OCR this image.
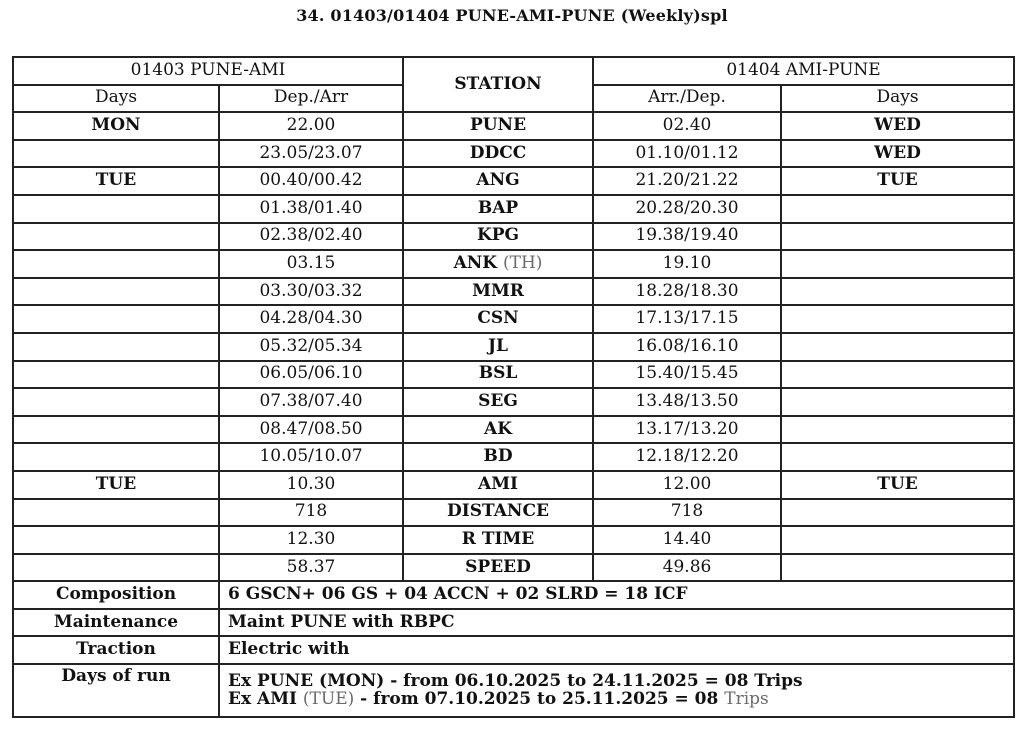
34. 01403/01404 PUNE-AMI-PUNE (Weekly)spl
01403 PUNE-AMI		STATION	01404 AMI-PUNE	
Days	Dep./Arr		Arr./Dep.	Days
MON	22.00	PUNE	02.40	WED
	23.05/23.07	DDCC	01.10/01.12	WED
TUE	00.40/00.42	ANG	21.20/21.22	TUE
	01.38/01.40	BAP	20.28/20.30	
	02.38/02.40	KPG	19.38/19.40	
	03.15	ANK (TH)	19.10	
	03.30/03.32	MMR	18.28/18.30	
	04.28/04.30	CSN	17.13/17.15	
	05.32/05.34	JL	16.08/16.10	
	06.05/06.10	BSL	15.40/15.45	
	07.38/07.40	SEG	13.48/13.50	
	08.47/08.50	AK	13.17/13.20	
	10.05/10.07	BD	12.18/12.20	
TUE	10.30	AMI	12.00	TUE
	718	DISTANCE	718	
	12.30	R TIME	14.40	
	58.37	SPEED	49.86	
Composition	6 GSCN+ 06 GS + 04 ACCN + 02 SLRD = 18 ICF			
Maintenance	Maint PUNE with RBPC			
Traction	Electric with			
Days of run	Ex PUNE (MON) - from 06.10.2025 to 24.11.2025 = 08 Trips
Ex AMI (TUE) - from 07.10.2025 to 25.11.2025 = 08 Trips			
